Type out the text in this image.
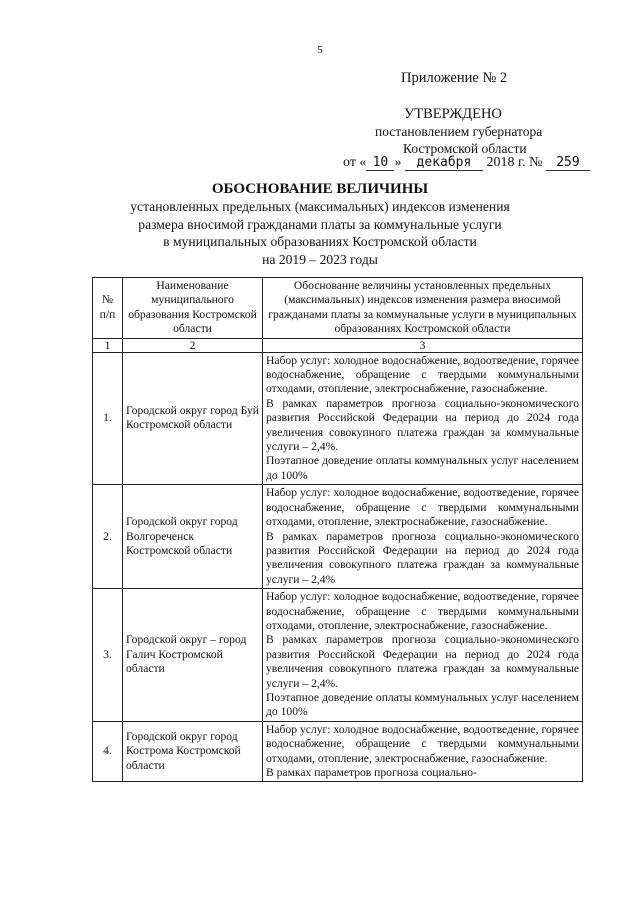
5
Приложение № 2
УТВЕРЖДЕНО
постановлением губернатора
Костромской области
от « 10 » декабря 2018 г. № 259
ОБОСНОВАНИЕ ВЕЛИЧИНЫ
установленных предельных (максимальных) индексов изменения
размера вносимой гражданами платы за коммунальные услуги
в муниципальных образованиях Костромской области
на 2019 – 2023 годы
№ п/п	Наименование муниципального образования Костромской области	Обоснование величины установленных предельных (максимальных) индексов изменения размера вносимой гражданами платы за коммунальные услуги в муниципальных образованиях Костромской области
1	2	3
1.	Городской округ город Буй Костромской области	Набор услуг: холодное водоснабжение, водоотведение, горячее водоснабжение, обращение с твердыми коммунальными отходами, отопление, электроснабжение, газоснабжение.
В рамках параметров прогноза социально-экономического развития Российской Федерации на период до 2024 года увеличения совокупного платежа граждан за коммунальные услуги – 2,4%.
Поэтапное доведение оплаты коммунальных услуг населением до 100%

2.	Городской округ город Волгореченск Костромской области	Набор услуг: холодное водоснабжение, водоотведение, горячее водоснабжение, обращение с твердыми коммунальными отходами, отопление, электроснабжение, газоснабжение.
В рамках параметров прогноза социально-экономического развития Российской Федерации на период до 2024 года увеличения совокупного платежа граждан за коммунальные услуги – 2,4%

3.	Городской округ – город Галич Костромской области	Набор услуг: холодное водоснабжение, водоотведение, горячее водоснабжение, обращение с твердыми коммунальными отходами, отопление, электроснабжение, газоснабжение.
В рамках параметров прогноза социально-экономического развития Российской Федерации на период до 2024 года увеличения совокупного платежа граждан за коммунальные услуги – 2,4%.
Поэтапное доведение оплаты коммунальных услуг населением до 100%

4.	Городской округ город Кострома Костромской области	Набор услуг: холодное водоснабжение, водоотведение, горячее водоснабжение, обращение с твердыми коммунальными отходами, отопление, электроснабжение, газоснабжение.
В рамках параметров прогноза социально-
